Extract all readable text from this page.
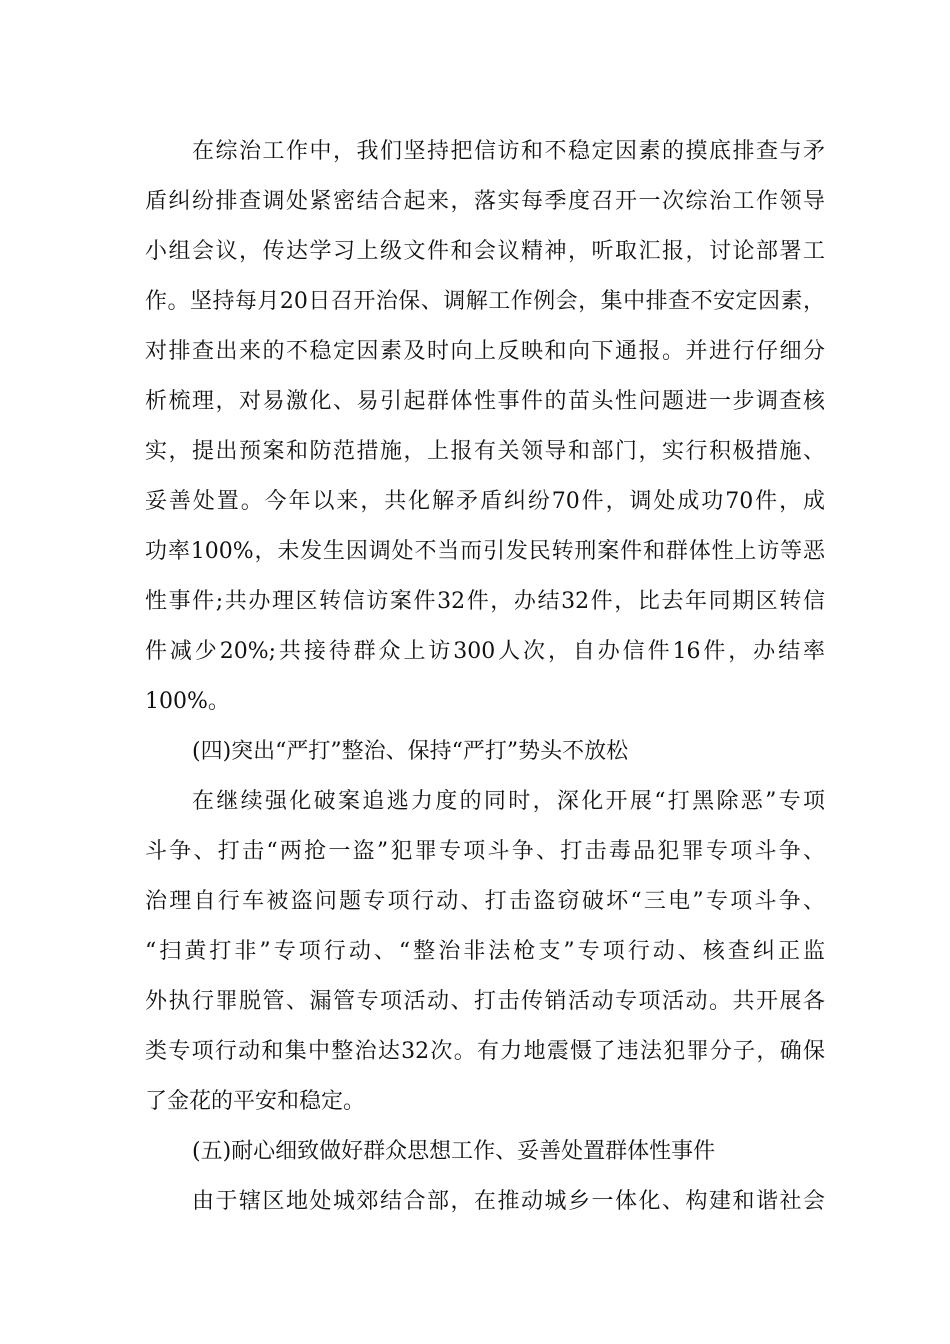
在综治工作中，我们坚持把信访和不稳定因素的摸底排查与矛
盾纠纷排查调处紧密结合起来，落实每季度召开一次综治工作领导
小组会议，传达学习上级文件和会议精神，听取汇报，讨论部署工
作。坚持每月20日召开治保、调解工作例会，集中排查不安定因素，
对排查出来的不稳定因素及时向上反映和向下通报。并进行仔细分
析梳理，对易激化、易引起群体性事件的苗头性问题进一步调查核
实，提出预案和防范措施，上报有关领导和部门，实行积极措施、
妥善处置。今年以来，共化解矛盾纠纷70件，调处成功70件，成
功率100%，未发生因调处不当而引发民转刑案件和群体性上访等恶
性事件;共办理区转信访案件32件，办结32件，比去年同期区转信
件减少20%;共接待群众上访300人次，自办信件16件，办结率
100%。
(四)突出“严打”整治、保持“严打”势头不放松
在继续强化破案追逃力度的同时，深化开展“打黑除恶”专项
斗争、打击“两抢一盗”犯罪专项斗争、打击毒品犯罪专项斗争、
治理自行车被盗问题专项行动、打击盗窃破坏“三电”专项斗争、
“扫黄打非”专项行动、“整治非法枪支”专项行动、核查纠正监
外执行罪脱管、漏管专项活动、打击传销活动专项活动。共开展各
类专项行动和集中整治达32次。有力地震慑了违法犯罪分子，确保
了金花的平安和稳定。
(五)耐心细致做好群众思想工作、妥善处置群体性事件
由于辖区地处城郊结合部，在推动城乡一体化、构建和谐社会
